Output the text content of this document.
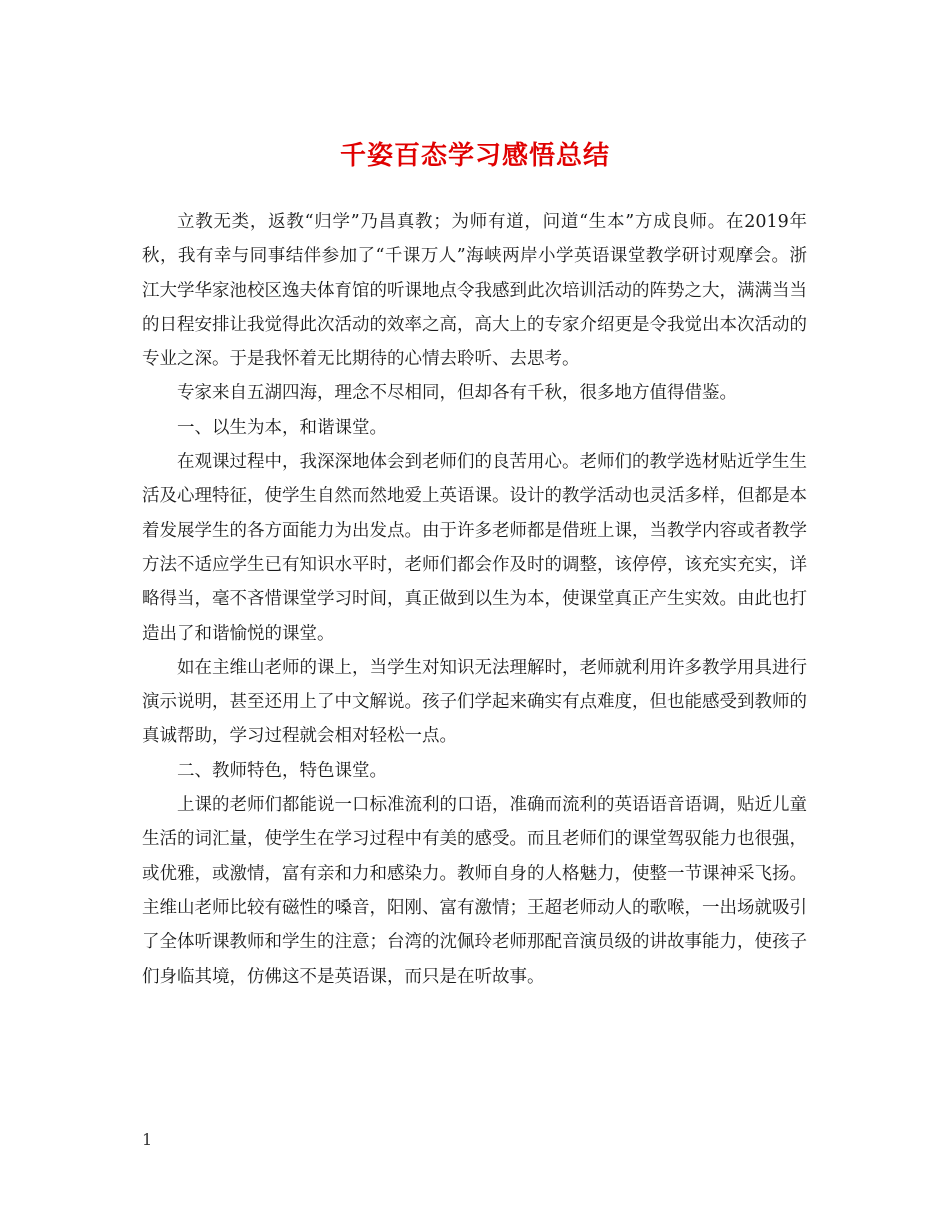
千姿百态学习感悟总结

立教无类，返教“归学”乃昌真教；为师有道，问道“生本”方成良师。在2019年秋，我有幸与同事结伴参加了“千课万人”海峡两岸小学英语课堂教学研讨观摩会。浙江大学华家池校区逸夫体育馆的听课地点令我感到此次培训活动的阵势之大，满满当当的日程安排让我觉得此次活动的效率之高，高大上的专家介绍更是令我觉出本次活动的专业之深。于是我怀着无比期待的心情去聆听、去思考。

专家来自五湖四海，理念不尽相同，但却各有千秋，很多地方值得借鉴。

一、以生为本，和谐课堂。

在观课过程中，我深深地体会到老师们的良苦用心。老师们的教学选材贴近学生生活及心理特征，使学生自然而然地爱上英语课。设计的教学活动也灵活多样，但都是本着发展学生的各方面能力为出发点。由于许多老师都是借班上课，当教学内容或者教学方法不适应学生已有知识水平时，老师们都会作及时的调整，该停停，该充实充实，详略得当，毫不吝惜课堂学习时间，真正做到以生为本，使课堂真正产生实效。由此也打造出了和谐愉悦的课堂。

如在主维山老师的课上，当学生对知识无法理解时，老师就利用许多教学用具进行演示说明，甚至还用上了中文解说。孩子们学起来确实有点难度，但也能感受到教师的真诚帮助，学习过程就会相对轻松一点。

二、教师特色，特色课堂。

上课的老师们都能说一口标准流利的口语，准确而流利的英语语音语调，贴近儿童生活的词汇量，使学生在学习过程中有美的感受。而且老师们的课堂驾驭能力也很强，或优雅，或激情，富有亲和力和感染力。教师自身的人格魅力，使整一节课神采飞扬。主维山老师比较有磁性的嗓音，阳刚、富有激情；王超老师动人的歌喉，一出场就吸引了全体听课教师和学生的注意；台湾的沈佩玲老师那配音演员级的讲故事能力，使孩子们身临其境，仿佛这不是英语课，而只是在听故事。

1
